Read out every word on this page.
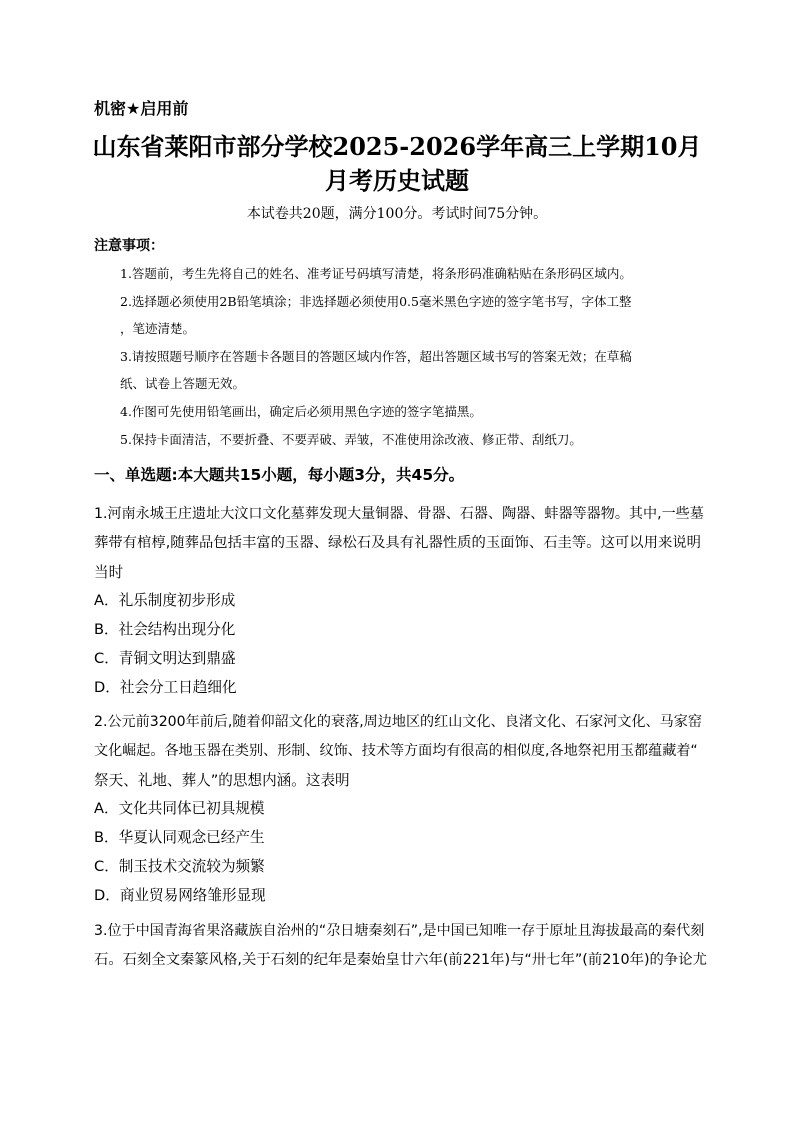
机密★启用前
山东省莱阳市部分学校2025-2026学年高三上学期10月
月考历史试题
本试卷共20题，满分100分。考试时间75分钟。
注意事项：
1.答题前，考生先将自己的姓名、准考证号码填写清楚，将条形码准确粘贴在条形码区域内。
2.选择题必须使用2B铅笔填涂；非选择题必须使用0.5毫米黑色字迹的签字笔书写，字体工整
，笔迹清楚。
3.请按照题号顺序在答题卡各题目的答题区域内作答，超出答题区域书写的答案无效；在草稿
纸、试卷上答题无效。
4.作图可先使用铅笔画出，确定后必须用黑色字迹的签字笔描黑。
5.保持卡面清洁，不要折叠、不要弄破、弄皱，不准使用涂改液、修正带、刮纸刀。
一、单选题:本大题共15小题，每小题3分，共45分。
1.河南永城王庄遗址大汶口文化墓葬发现大量铜器、骨器、石器、陶器、蚌器等器物。其中,一些墓
葬带有棺椁,随葬品包括丰富的玉器、绿松石及具有礼器性质的玉面饰、石圭等。这可以用来说明
当时
A．礼乐制度初步形成
B．社会结构出现分化
C．青铜文明达到鼎盛
D．社会分工日趋细化
2.公元前3200年前后,随着仰韶文化的衰落,周边地区的红山文化、良渚文化、石家河文化、马家窑
文化崛起。各地玉器在类别、形制、纹饰、技术等方面均有很高的相似度,各地祭祀用玉都蕴藏着“
祭天、礼地、葬人”的思想内涵。这表明
A．文化共同体已初具规模
B．华夏认同观念已经产生
C．制玉技术交流较为频繁
D．商业贸易网络雏形显现
3.位于中国青海省果洛藏族自治州的“尕日塘秦刻石”,是中国已知唯一存于原址且海拔最高的秦代刻
石。石刻全文秦篆风格,关于石刻的纪年是秦始皇廿六年(前221年)与“卅七年”(前210年)的争论尤
